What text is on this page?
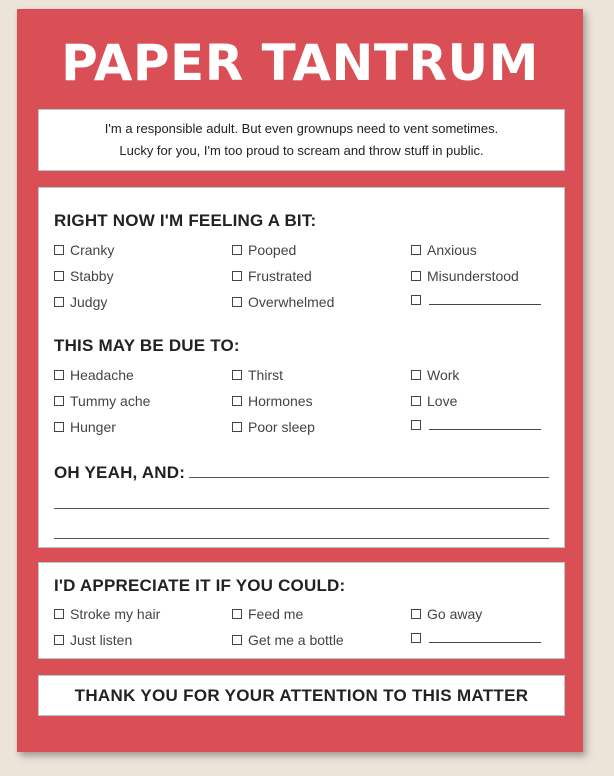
PAPER TANTRUM
I'm a responsible adult. But even grownups need to vent sometimes.
Lucky for you, I'm too proud to scream and throw stuff in public.
RIGHT NOW I'M FEELING A BIT:
Cranky	Pooped	Anxious
Stabby	Frustrated	Misunderstood
Judgy	Overwhelmed
THIS MAY BE DUE TO:
Headache	Thirst	Work
Tummy ache	Hormones	Love
Hunger	Poor sleep
OH YEAH, AND:
I'D APPRECIATE IT IF YOU COULD:
Stroke my hair	Feed me	Go away
Just listen	Get me a bottle
THANK YOU FOR YOUR ATTENTION TO THIS MATTER
